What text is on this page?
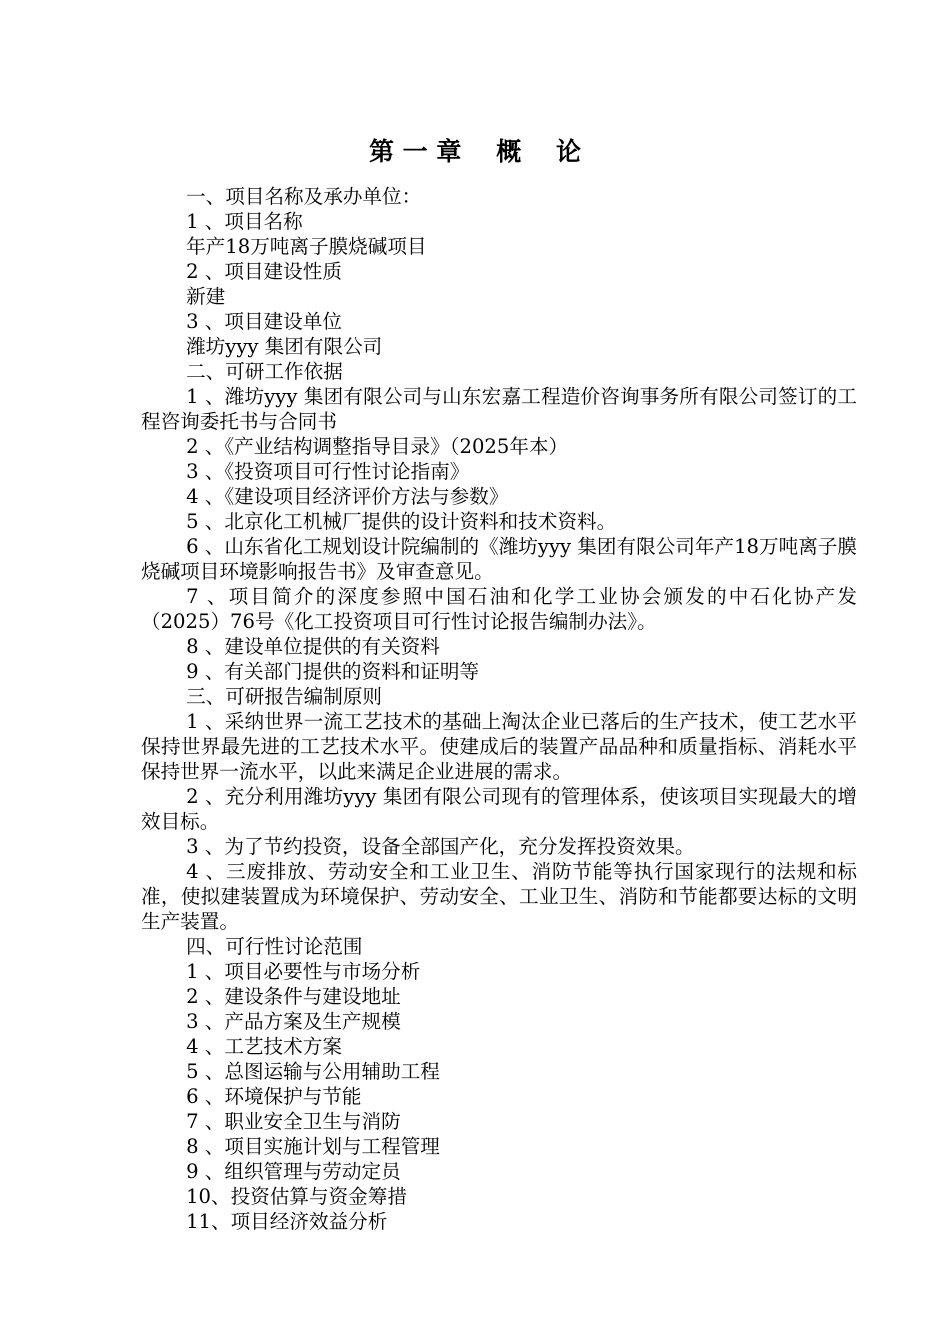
第 一 章    概    论

一、项目名称及承办单位：

1 、项目名称

年产18万吨离子膜烧碱项目

2 、项目建设性质

新建

3 、项目建设单位

潍坊yyy 集团有限公司

二、可研工作依据

1 、潍坊yyy 集团有限公司与山东宏嘉工程造价咨询事务所有限公司签订的工程咨询委托书与合同书

2 、《产业结构调整指导目录》（2025年本）

3 、《投资项目可行性讨论指南》

4 、《建设项目经济评价方法与参数》

5 、北京化工机械厂提供的设计资料和技术资料。

6 、山东省化工规划设计院编制的《潍坊yyy 集团有限公司年产18万吨离子膜烧碱项目环境影响报告书》及审查意见。

7 、项目简介的深度参照中国石油和化学工业协会颁发的中石化协产发（2025）76号《化工投资项目可行性讨论报告编制办法》。

8 、建设单位提供的有关资料

9 、有关部门提供的资料和证明等

三、可研报告编制原则

1 、采纳世界一流工艺技术的基础上淘汰企业已落后的生产技术，使工艺水平保持世界最先进的工艺技术水平。使建成后的装置产品品种和质量指标、消耗水平保持世界一流水平，以此来满足企业进展的需求。

2 、充分利用潍坊yyy 集团有限公司现有的管理体系，使该项目实现最大的增效目标。

3 、为了节约投资，设备全部国产化，充分发挥投资效果。

4 、三废排放、劳动安全和工业卫生、消防节能等执行国家现行的法规和标准，使拟建装置成为环境保护、劳动安全、工业卫生、消防和节能都要达标的文明生产装置。

四、可行性讨论范围

1 、项目必要性与市场分析

2 、建设条件与建设地址

3 、产品方案及生产规模

4 、工艺技术方案

5 、总图运输与公用辅助工程

6 、环境保护与节能

7 、职业安全卫生与消防

8 、项目实施计划与工程管理

9 、组织管理与劳动定员

10、投资估算与资金筹措

11、项目经济效益分析
